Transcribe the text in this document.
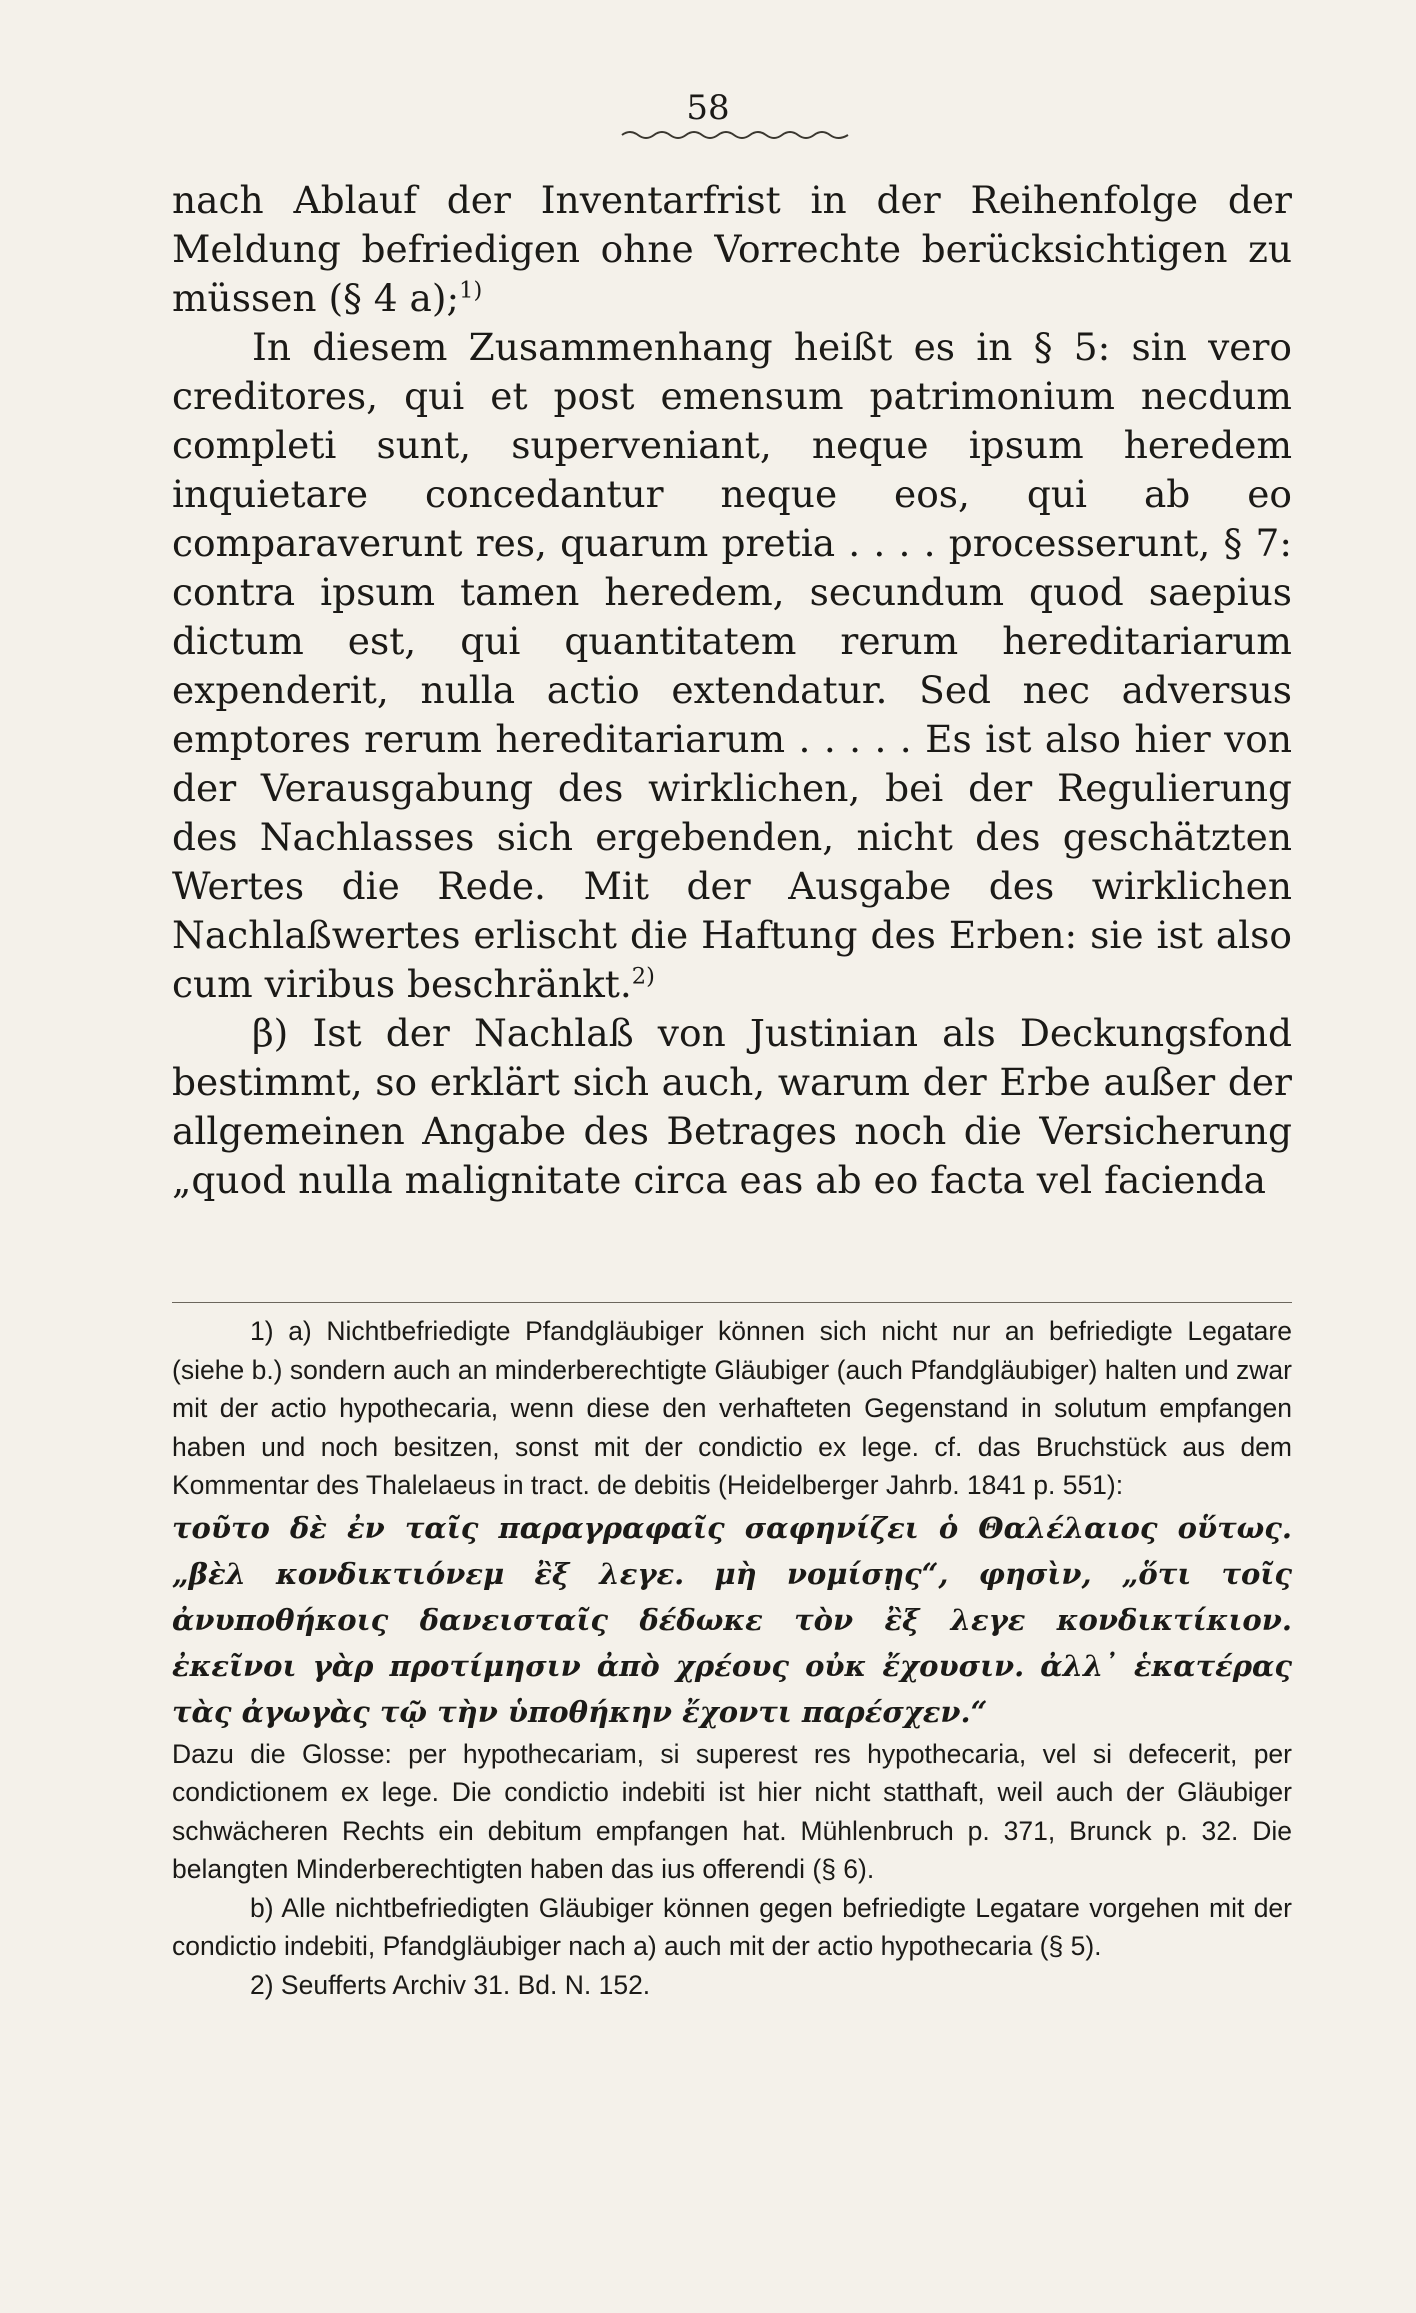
58

nach Ablauf der Inventarfrist in der Reihenfolge der Meldung befriedigen ohne Vorrechte berücksichtigen zu müssen (§ 4 a);$^{1)}$

In diesem Zusammenhang heißt es in § 5: sin vero creditores, qui et post emensum patrimonium necdum completi sunt, superveniant, neque ipsum heredem inquietare concedantur neque eos, qui ab eo comparaverunt res, quarum pretia . . . . processerunt, § 7: contra ipsum tamen heredem, secundum quod saepius dictum est, qui quantitatem rerum hereditariarum expenderit, nulla actio extendatur. Sed nec adversus emptores rerum hereditariarum . . . . . Es ist also hier von der Verausgabung des wirklichen, bei der Regulierung des Nachlasses sich ergebenden, nicht des geschätzten Wertes die Rede. Mit der Ausgabe des wirklichen Nachlaßwertes erlischt die Haftung des Erben: sie ist also cum viribus beschränkt.$^{2)}$

β) Ist der Nachlaß von Justinian als Deckungsfond bestimmt, so erklärt sich auch, warum der Erbe außer der allgemeinen Angabe des Betrages noch die Versicherung „quod nulla malignitate circa eas ab eo facta vel facienda

1) a) Nichtbefriedigte Pfandgläubiger können sich nicht nur an befriedigte Legatare (siehe b.) sondern auch an minderberechtigte Gläubiger (auch Pfandgläubiger) halten und zwar mit der actio hypothecaria, wenn diese den verhafteten Gegenstand in solutum empfangen haben und noch besitzen, sonst mit der condictio ex lege. cf. das Bruchstück aus dem Kommentar des Thalelaeus in tract. de debitis (Heidelberger Jahrb. 1841 p. 551):

τοῦτο δὲ ἐν ταῖς παραγραφαῖς σαφηνίζει ὁ Θαλέλαιος οὕτως. „βὲλ κονδικτιόνεμ ἒξ λεγε. μὴ νομίσῃς“, φησὶν, „ὅτι τοῖς ἀνυποθήκοις δανεισταῖς δέδωκε τὸν ἒξ λεγε κονδικτίκιον. ἐκεῖνοι γὰρ προτίμησιν ἀπὸ χρέους οὐκ ἔχουσιν. ἀλλ᾽ ἑκατέρας τὰς ἀγωγὰς τῷ τὴν ὑποθήκην ἔχοντι παρέσχεν.“

Dazu die Glosse: per hypothecariam, si superest res hypothecaria, vel si defecerit, per condictionem ex lege. Die condictio indebiti ist hier nicht statthaft, weil auch der Gläubiger schwächeren Rechts ein debitum empfangen hat. Mühlenbruch p. 371, Brunck p. 32. Die belangten Minderberechtigten haben das ius offerendi (§ 6).

b) Alle nichtbefriedigten Gläubiger können gegen befriedigte Legatare vorgehen mit der condictio indebiti, Pfandgläubiger nach a) auch mit der actio hypothecaria (§ 5).

2) Seufferts Archiv 31. Bd. N. 152.
